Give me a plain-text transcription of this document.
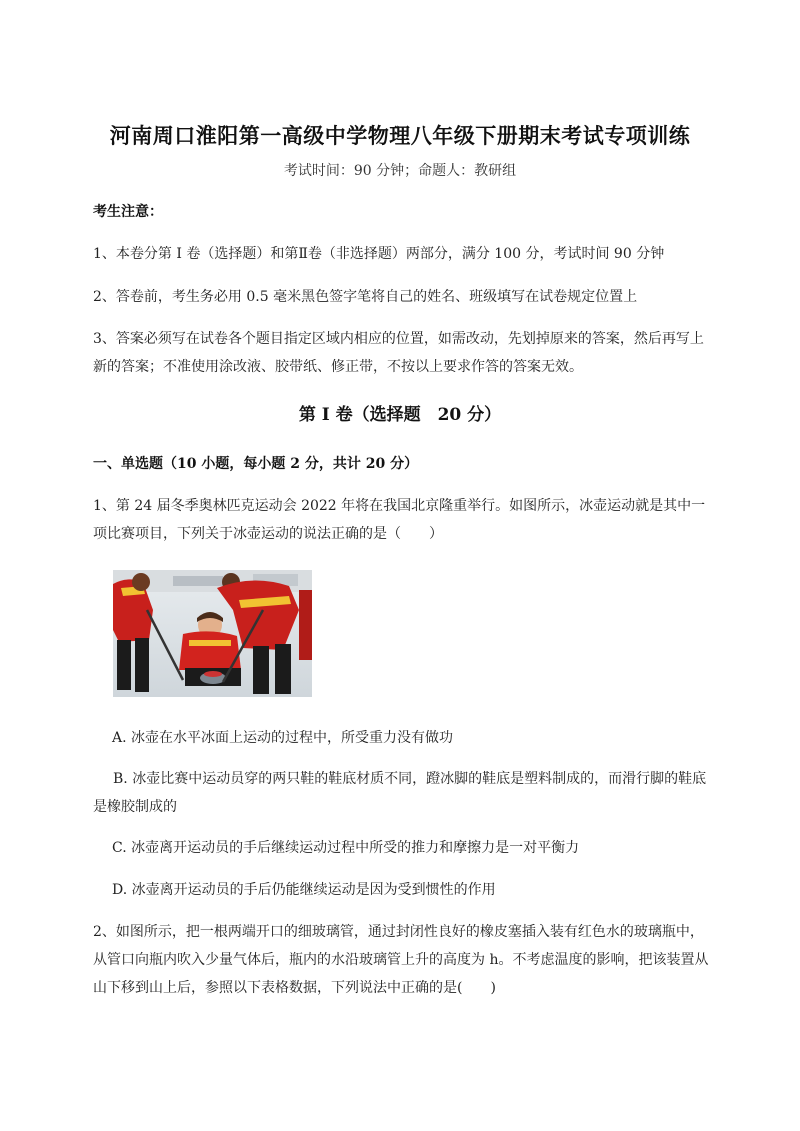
河南周口淮阳第一高级中学物理八年级下册期末考试专项训练
考试时间：90 分钟；命题人：教研组
考生注意：
1、本卷分第 I 卷（选择题）和第Ⅱ卷（非选择题）两部分，满分 100 分，考试时间 90 分钟
2、答卷前，考生务必用 0.5 毫米黑色签字笔将自己的姓名、班级填写在试卷规定位置上
3、答案必须写在试卷各个题目指定区域内相应的位置，如需改动，先划掉原来的答案，然后再写上新的答案；不准使用涂改液、胶带纸、修正带，不按以上要求作答的答案无效。
第 I 卷（选择题　20 分）
一、单选题（10 小题，每小题 2 分，共计 20 分）
1、第 24 届冬季奥林匹克运动会 2022 年将在我国北京隆重举行。如图所示，冰壶运动就是其中一项比赛项目，下列关于冰壶运动的说法正确的是（　　）
A. 冰壶在水平冰面上运动的过程中，所受重力没有做功
B. 冰壶比赛中运动员穿的两只鞋的鞋底材质不同，蹬冰脚的鞋底是塑料制成的，而滑行脚的鞋底是橡胶制成的
C. 冰壶离开运动员的手后继续运动过程中所受的推力和摩擦力是一对平衡力
D. 冰壶离开运动员的手后仍能继续运动是因为受到惯性的作用
2、如图所示，把一根两端开口的细玻璃管，通过封闭性良好的橡皮塞插入装有红色水的玻璃瓶中，从管口向瓶内吹入少量气体后，瓶内的水沿玻璃管上升的高度为 h。不考虑温度的影响，把该装置从山下移到山上后，参照以下表格数据，下列说法中正确的是(　　)
